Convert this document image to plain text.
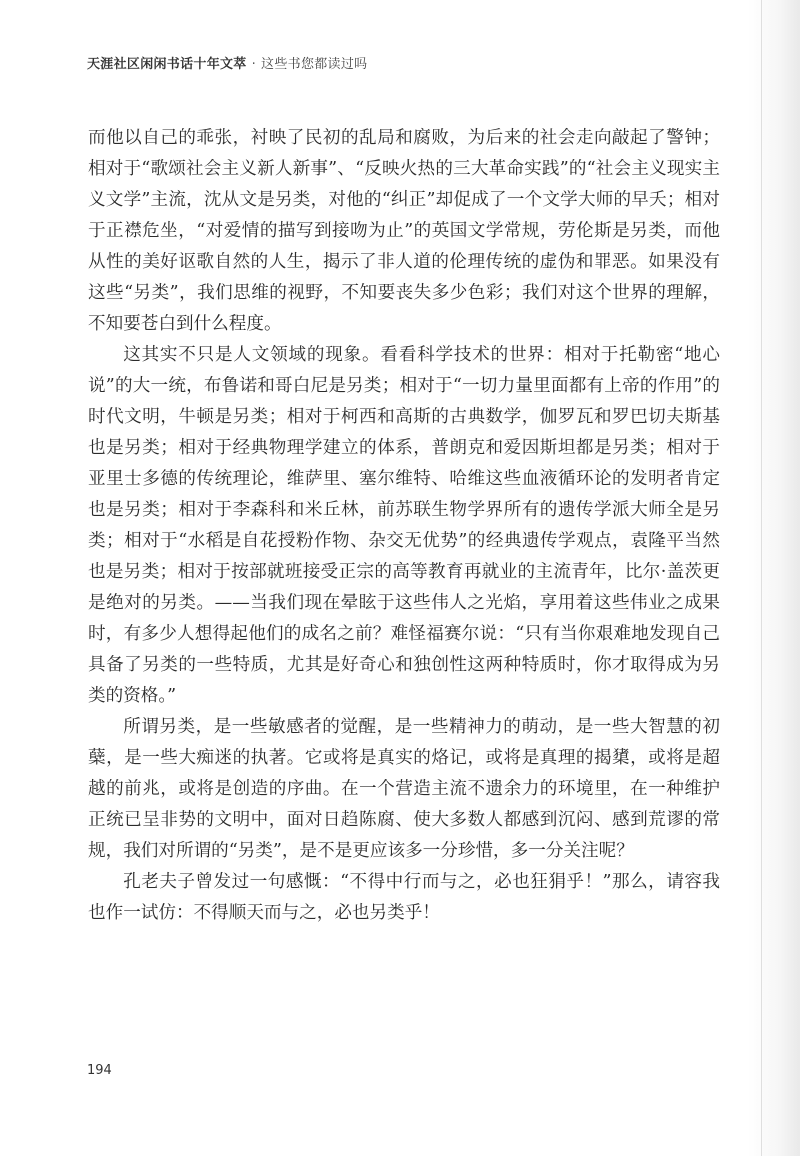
天涯社区闲闲书话十年文萃 · 这些书您都读过吗

而他以自己的乖张，衬映了民初的乱局和腐败，为后来的社会走向敲起了警钟；相对于“歌颂社会主义新人新事”、“反映火热的三大革命实践”的“社会主义现实主义文学”主流，沈从文是另类，对他的“纠正”却促成了一个文学大师的早夭；相对于正襟危坐，“对爱情的描写到接吻为止”的英国文学常规，劳伦斯是另类，而他从性的美好讴歌自然的人生，揭示了非人道的伦理传统的虚伪和罪恶。如果没有这些“另类”，我们思维的视野，不知要丧失多少色彩；我们对这个世界的理解，不知要苍白到什么程度。

这其实不只是人文领域的现象。看看科学技术的世界：相对于托勒密“地心说”的大一统，布鲁诺和哥白尼是另类；相对于“一切力量里面都有上帝的作用”的时代文明，牛顿是另类；相对于柯西和高斯的古典数学，伽罗瓦和罗巴切夫斯基也是另类；相对于经典物理学建立的体系，普朗克和爱因斯坦都是另类；相对于亚里士多德的传统理论，维萨里、塞尔维特、哈维这些血液循环论的发明者肯定也是另类；相对于李森科和米丘林，前苏联生物学界所有的遗传学派大师全是另类；相对于“水稻是自花授粉作物、杂交无优势”的经典遗传学观点，袁隆平当然也是另类；相对于按部就班接受正宗的高等教育再就业的主流青年，比尔·盖茨更是绝对的另类。——当我们现在晕眩于这些伟人之光焰，享用着这些伟业之成果时，有多少人想得起他们的成名之前？难怪福赛尔说：“只有当你艰难地发现自己具备了另类的一些特质，尤其是好奇心和独创性这两种特质时，你才取得成为另类的资格。”

所谓另类，是一些敏感者的觉醒，是一些精神力的萌动，是一些大智慧的初蘖，是一些大痴迷的执著。它或将是真实的烙记，或将是真理的揭橥，或将是超越的前兆，或将是创造的序曲。在一个营造主流不遗余力的环境里，在一种维护正统已呈非势的文明中，面对日趋陈腐、使大多数人都感到沉闷、感到荒谬的常规，我们对所谓的“另类”，是不是更应该多一分珍惜，多一分关注呢？

孔老夫子曾发过一句感慨：“不得中行而与之，必也狂狷乎！”那么，请容我也作一试仿：不得顺天而与之，必也另类乎！

194
